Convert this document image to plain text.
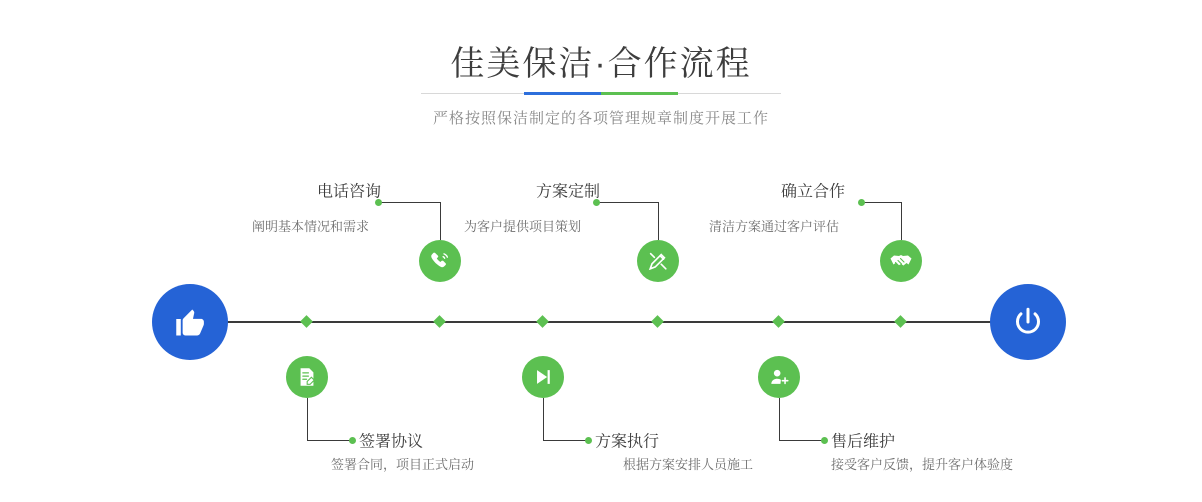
佳美保洁·合作流程
严格按照保洁制定的各项管理规章制度开展工作
电话咨询
阐明基本情况和需求
签署协议
签署合同，项目正式启动
方案定制
为客户提供项目策划
方案执行
根据方案安排人员施工
确立合作
清洁方案通过客户评估
售后维护
接受客户反馈，提升客户体验度
